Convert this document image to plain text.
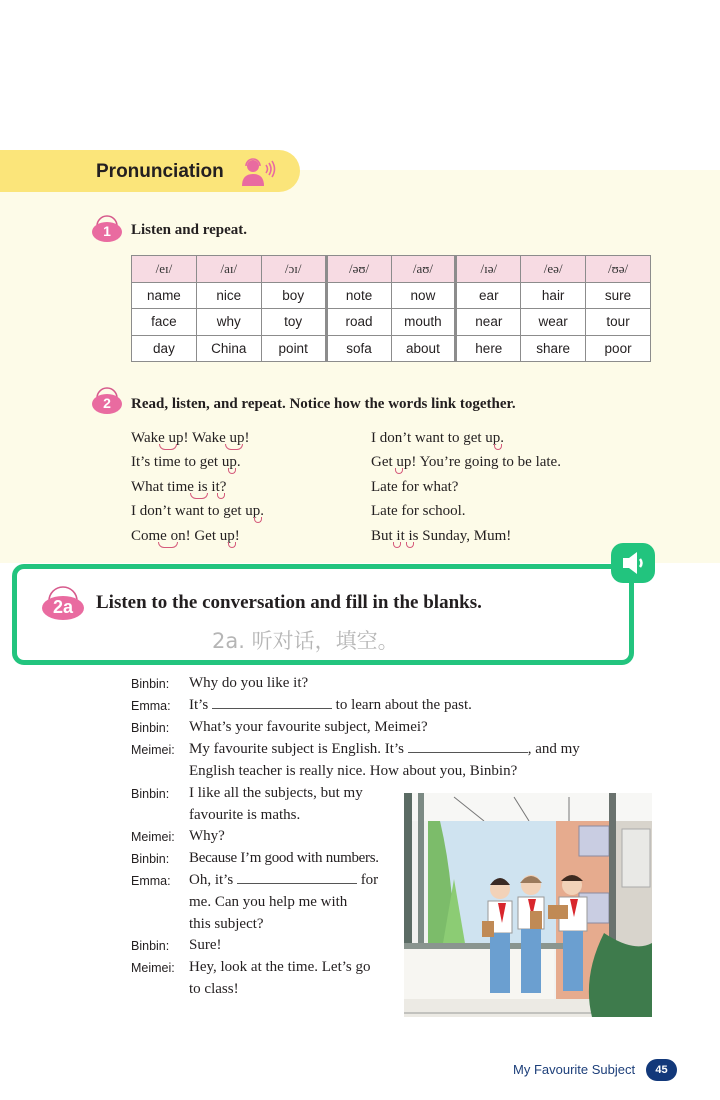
Pronunciation
1	Listen and repeat.
/eɪ/	/aɪ/	/ɔɪ/	/əʊ/	/aʊ/	/ɪə/	/eə/	/ʊə/
name	nice	boy	note	now	ear	hair	sure
face	why	toy	road	mouth	near	wear	tour
day	China	point	sofa	about	here	share	poor
2	Read, listen, and repeat. Notice how the words link together.
Wake up! Wake up!
It’s time to get up.
What time is it?
I don’t want to get up.
Come on! Get up!
I don’t want to get up.
Get up! You’re going to be late.
Late for what?
Late for school.
But it is Sunday, Mum!
2a	Listen to the conversation and fill in the blanks.
2a. 听对话，填空。
Binbin: Why do you like it?
Emma: It’s	to learn about the past.
Binbin: What’s your favourite subject, Meimei?
Meimei: My favourite subject is English. It’s	, and my
English teacher is really nice. How about you, Binbin?
Binbin: I like all the subjects, but my
favourite is maths.
Meimei: Why?
Binbin: Because I’m good with numbers.
Emma: Oh, it’s	for
me. Can you help me with
this subject?
Binbin: Sure!
Meimei: Hey, look at the time. Let’s go
to class!
My Favourite Subject	45
